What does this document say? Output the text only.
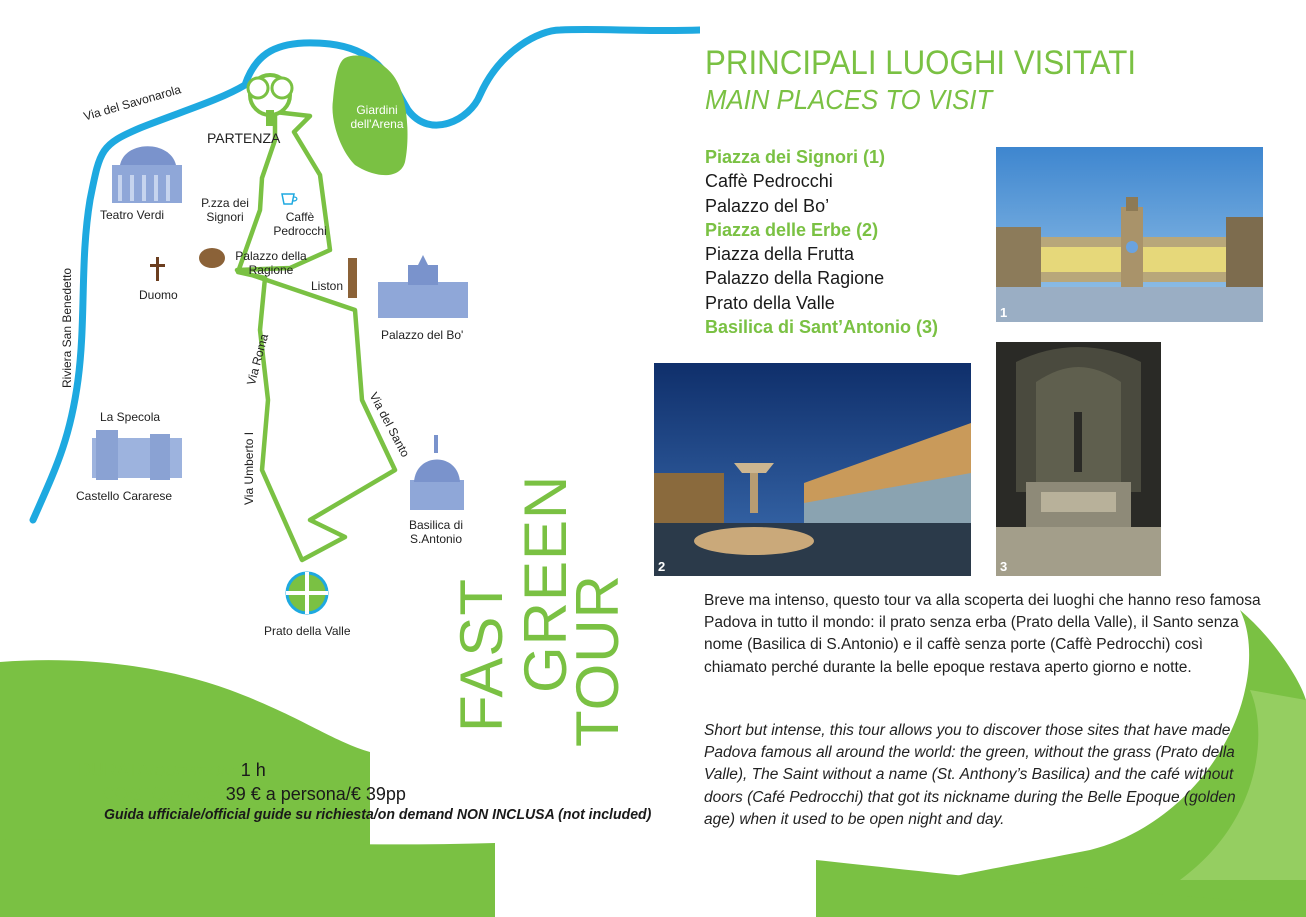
Via del Savonarola
Riviera San Benedetto
PARTENZA
Giardini dell'Arena
Teatro Verdi
P.zza dei Signori	Caffè Pedrocchi
Duomo
Palazzo della Ragione
Liston
Palazzo del Bo'
Via Roma
Via del Santo
La Specola
Castello Cararese	Via Umberto I
Basilica di S.Antonio
Prato della Valle FAST
GREEN
TOUR
DURATA/DURATION: 1 h
COSTO/PRICE: 39 € a persona/€ 39pp
Guida ufficiale/official guide su richiesta/on demand NON INCLUSA (not included)
PRINCIPALI LUOGHI VISITATI
MAIN PLACES TO VISIT
Piazza dei Signori (1)
Caffè Pedrocchi
Palazzo del Bo’
Piazza delle Erbe (2)
Piazza della Frutta
Palazzo della Ragione
Prato della Valle
Basilica di Sant’Antonio (3)
1
2	3
Breve ma intenso, questo tour va alla scoperta dei luoghi che hanno reso famosa Padova in tutto il mondo: il prato senza erba (Prato della Valle), il Santo senza nome (Basilica di S.Antonio) e il caffè senza porte (Caffè Pedrocchi) così chiamato perché durante la belle epoque restava aperto giorno e notte.
Short but intense, this tour allows you to discover those sites that have made Padova famous all around the world: the green, without the grass (Prato della Valle), The Saint without a name (St. Anthony’s Basilica) and the café without doors (Café Pedrocchi) that got its nickname during the Belle Epoque (golden age) when it used to be open night and day.
